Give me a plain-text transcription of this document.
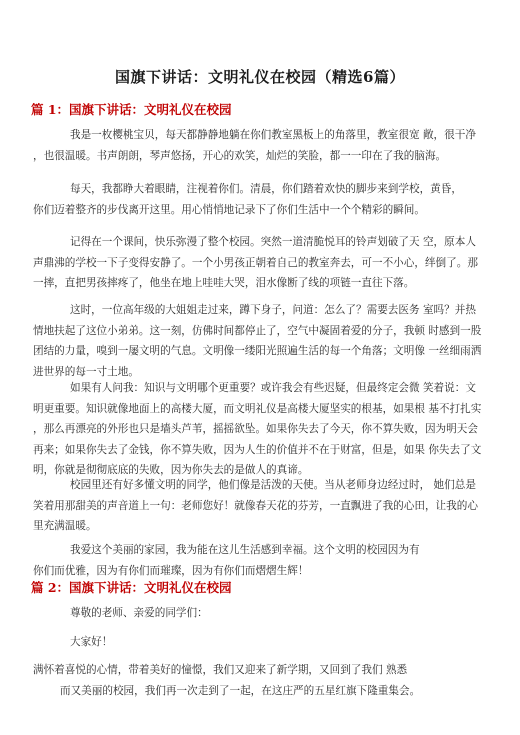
国旗下讲话：文明礼仪在校园（精选6篇）
篇 1：国旗下讲话：文明礼仪在校园
我是一枚樱桃宝贝，每天都静静地躺在你们教室黑板上的角落里，教室很宽 敞，很干净
，也很温暖。书声朗朗，琴声悠扬，开心的欢笑，灿烂的笑脸，都一一印在了我的脑海。
每天，我都睁大着眼睛，注视着你们。清晨，你们踏着欢快的脚步来到学校，黄昏，
你们迈着整齐的步伐离开这里。用心悄悄地记录下了你们生活中一个个精彩的瞬间。
记得在一个课间，快乐弥漫了整个校园。突然一道清脆悦耳的铃声划破了天 空，原本人
声鼎沸的学校一下子变得安静了。一个小男孩正朝着自己的教室奔去，可一不小心，绊倒了。那
一摔，直把男孩摔疼了，他坐在地上哇哇大哭，泪水像断了线的项链一直往下落。
这时，一位高年级的大姐姐走过来，蹲下身子，问道：怎么了？需要去医务 室吗？并热
情地扶起了这位小弟弟。这一刻，仿佛时间都停止了，空气中凝固着爱的分子，我顿 时感到一股
团结的力量，嗅到一屡文明的气息。文明像一缕阳光照遍生活的每一个角落；文明像 一丝细雨洒
进世界的每一寸土地。
如果有人问我：知识与文明哪个更重要？或许我会有些迟疑，但最终定会微 笑着说：文
明更重要。知识就像地面上的高楼大厦，而文明礼仪是高楼大厦坚实的根基，如果根 基不打扎实
，那么再漂亮的外形也只是墙头芦苇，摇摇欲坠。如果你失去了今天，你不算失败，因为明天会
再来；如果你失去了金钱，你不算失败，因为人生的价值并不在于财富，但是，如果 你失去了文
明，你就是彻彻底底的失败，因为你失去的是做人的真谛。
校园里还有好多懂文明的同学，他们像是活泼的天使。当从老师身边经过时， 她们总是
笑着用那甜美的声音道上一句：老师您好！就像春天花的芬芳，一直飘进了我的心田，让我的心
里充满温暖。
我爱这个美丽的家园，我为能在这儿生活感到幸福。这个文明的校园因为有
你们而优雅，因为有你们而璀璨，因为有你们而熠熠生辉！
篇 2：国旗下讲话：文明礼仪在校园
尊敬的老师、亲爱的同学们：
大家好！
满怀着喜悦的心情，带着美好的憧憬，我们又迎来了新学期，又回到了我们 熟悉
而又美丽的校园，我们再一次走到了一起，在这庄严的五星红旗下隆重集会。
